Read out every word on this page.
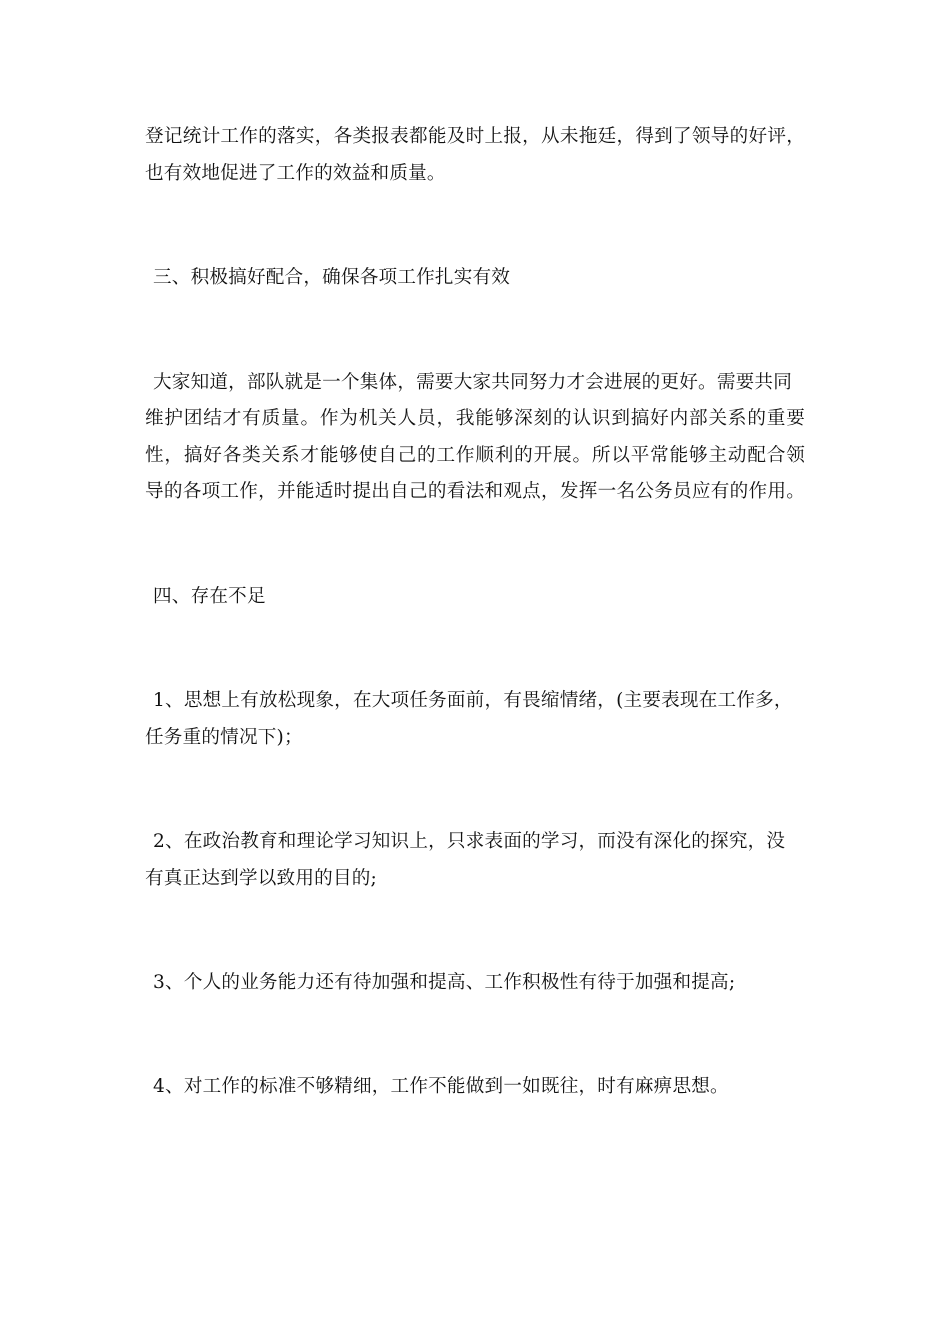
登记统计工作的落实，各类报表都能及时上报，从未拖廷，得到了领导的好评，
也有效地促进了工作的效益和质量。
三、积极搞好配合，确保各项工作扎实有效
大家知道，部队就是一个集体，需要大家共同努力才会进展的更好。需要共同
维护团结才有质量。作为机关人员，我能够深刻的认识到搞好内部关系的重要
性，搞好各类关系才能够使自己的工作顺利的开展。所以平常能够主动配合领
导的各项工作，并能适时提出自己的看法和观点，发挥一名公务员应有的作用。
四、存在不足
1、思想上有放松现象，在大项任务面前，有畏缩情绪，(主要表现在工作多，
任务重的情况下)；
2、在政治教育和理论学习知识上，只求表面的学习，而没有深化的探究，没
有真正达到学以致用的目的;
3、个人的业务能力还有待加强和提高、工作积极性有待于加强和提高;
4、对工作的标准不够精细，工作不能做到一如既往，时有麻痹思想。
